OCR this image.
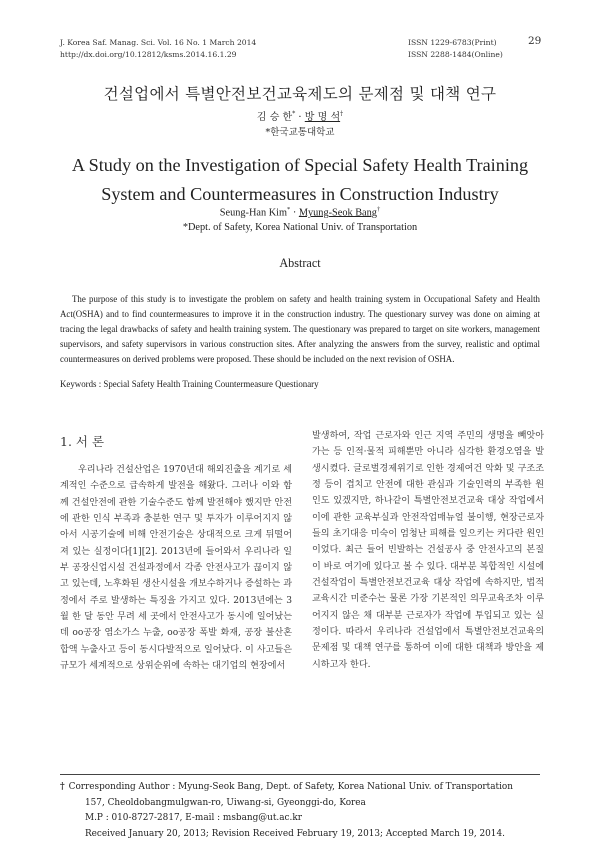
J. Korea Saf. Manag. Sci. Vol. 16 No. 1 March 2014
http://dx.doi.org/10.12812/ksms.2014.16.1.29
ISSN 1229-6783(Print)
ISSN 2288-1484(Online)
29
건설업에서 특별안전보건교육제도의 문제점 및 대책 연구
김 승 한* · 방 명 석†
*한국교통대학교
A Study on the Investigation of Special Safety Health Training
System and Countermeasures in Construction Industry
Seung-Han Kim* · Myung-Seok Bang†
*Dept. of Safety, Korea National Univ. of Transportation
Abstract
The purpose of this study is to investigate the problem on safety and health training system in Occupational Safety and Health Act(OSHA) and to find countermeasures to improve it in the construction industry. The questionary survey was done on aiming at tracing the legal drawbacks of safety and health training system. The questionary was prepared to target on site workers, management supervisors, and safety supervisors in various construction sites. After analyzing the answers from the survey, realistic and optimal countermeasures on derived problems were proposed. These should be included on the next revision of OSHA.
Keywords : Special Safety Health Training Countermeasure Questionary
1. 서 론
우리나라 건설산업은 1970년대 해외진출을 계기로 세계적인 수준으로 급속하게 발전을 해왔다. 그러나 이와 함께 건설안전에 관한 기술수준도 함께 발전해야 했지만 안전에 관한 인식 부족과 충분한 연구 및 투자가 이루어지지 않아서 시공기술에 비해 안전기술은 상대적으로 크게 뒤떨어져 있는 실정이다[1][2]. 2013년에 들어와서 우리나라 일부 공장신업시설 건설과정에서 각종 안전사고가 끊이지 않고 있는데, 노후화된 생산시설을 개보수하거나 증설하는 과정에서 주로 발생하는 특징을 가지고 있다. 2013년에는 3월 한 달 동안 무려 세 곳에서 안전사고가 동시에 일어났는데 oo공장 염소가스 누출, oo공장 폭발 화재, 공장 불산혼합액 누출사고 등이 동시다발적으로 일어났다. 이 사고들은 규모가 세계적으로 상위순위에 속하는 대기업의 현장에서
발생하여, 작업 근로자와 인근 지역 주민의 생명을 빼앗아가는 등 인적·물적 피해뿐만 아니라 심각한 환경오염을 발생시켰다. 글로벌경제위기로 인한 경제여건 악화 및 구조조정 등이 겹치고 안전에 대한 관심과 기술인력의 부족한 원인도 있겠지만, 하나같이 특별안전보건교육 대상 작업에서 이에 관한 교육부실과 안전작업매뉴얼 불이행, 현장근로자들의 초기대응 미숙이 엄청난 피해를 일으키는 커다란 원인이었다. 최근 들어 빈발하는 건설공사 중 안전사고의 본질이 바로 여기에 있다고 볼 수 있다. 대부분 복합적인 시설에 건설작업이 특별안전보건교육 대상 작업에 속하지만, 법적 교육시간 미준수는 물론 가장 기본적인 의무교육조차 이루어지지 않은 채 대부분 근로자가 작업에 투입되고 있는 실정이다. 따라서 우리나라 건설업에서 특별안전보건교육의 문제점 및 대책 연구를 통하여 이에 대한 대책과 방안을 제시하고자 한다.
† Corresponding Author : Myung-Seok Bang, Dept. of Safety, Korea National Univ. of Transportation
157, Cheoldobangmulgwan-ro, Uiwang-si, Gyeonggi-do, Korea
M.P : 010-8727-2817, E-mail : msbang@ut.ac.kr
Received January 20, 2013; Revision Received February 19, 2013; Accepted March 19, 2014.
